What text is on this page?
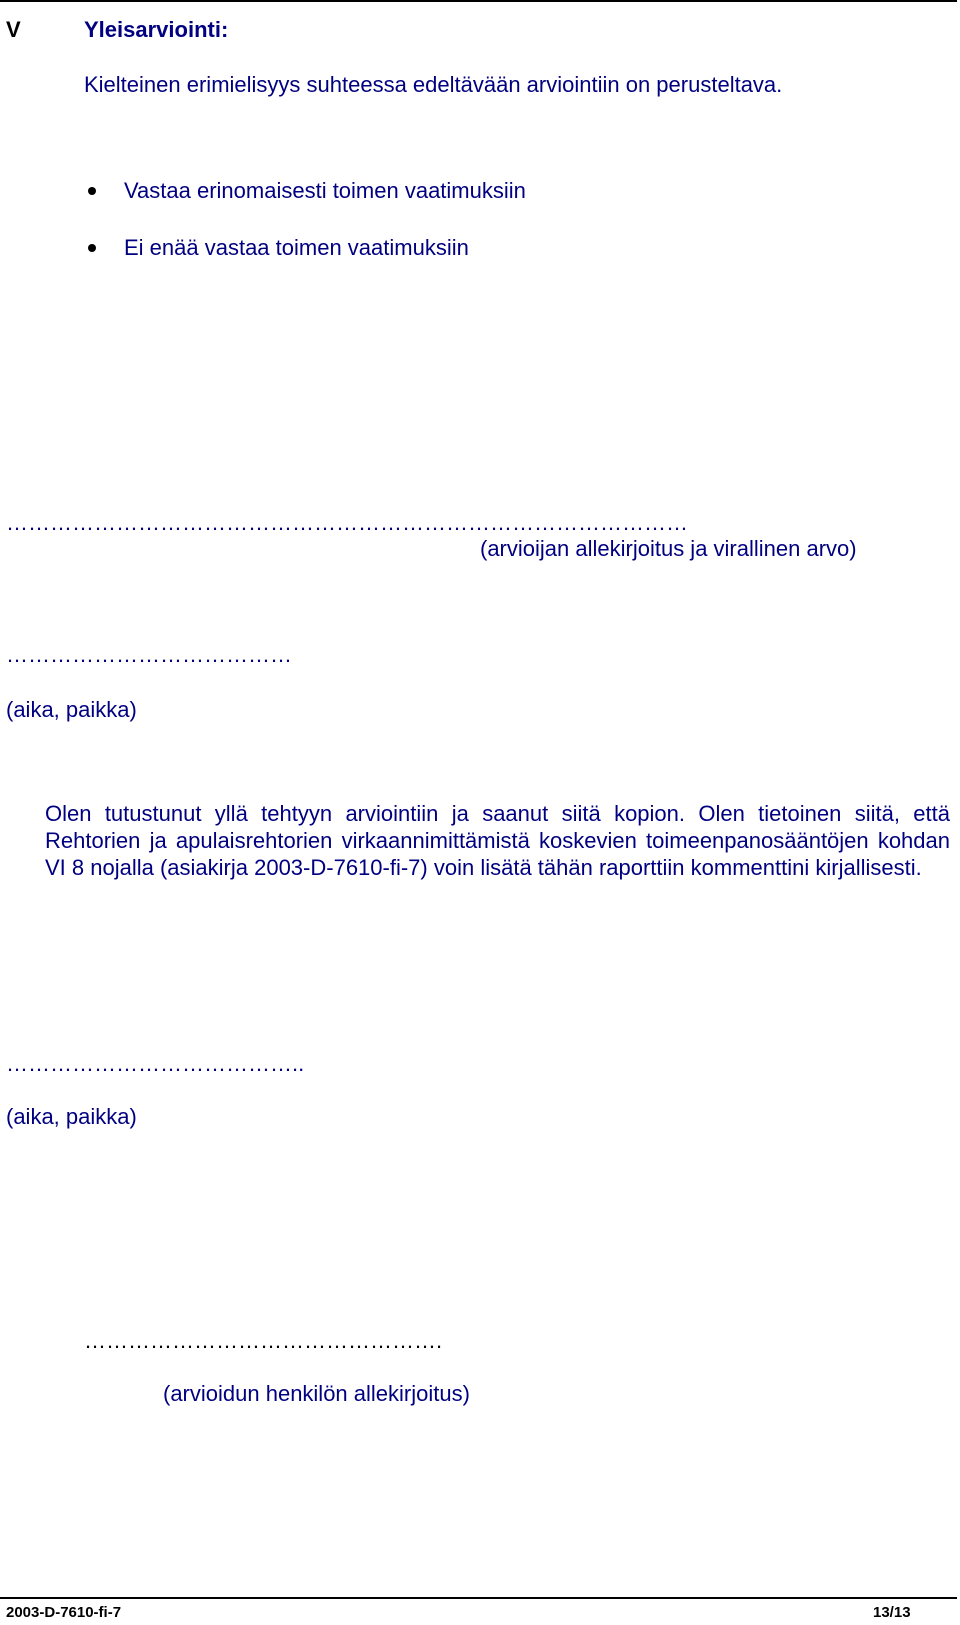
V	Yleisarviointi:
Kielteinen erimielisyys suhteessa edeltävään arviointiin on perusteltava.
Vastaa erinomaisesti toimen vaatimuksiin
Ei enää vastaa toimen vaatimuksiin
…………………………………………………………………………………
(arvioijan allekirjoitus ja virallinen arvo)
…………………………………
(aika, paikka)
Olen tutustunut yllä tehtyyn arviointiin ja saanut siitä kopion. Olen tietoinen siitä, että Rehtorien ja apulaisrehtorien virkaannimittämistä koskevien toimeenpanosääntöjen kohdan VI 8 nojalla (asiakirja 2003-D-7610-fi-7) voin lisätä tähän raporttiin kommenttini kirjallisesti.
…………………………………..
(aika, paikka)
………………………………………….
(arvioidun henkilön allekirjoitus)
2003-D-7610-fi-7	13/13
